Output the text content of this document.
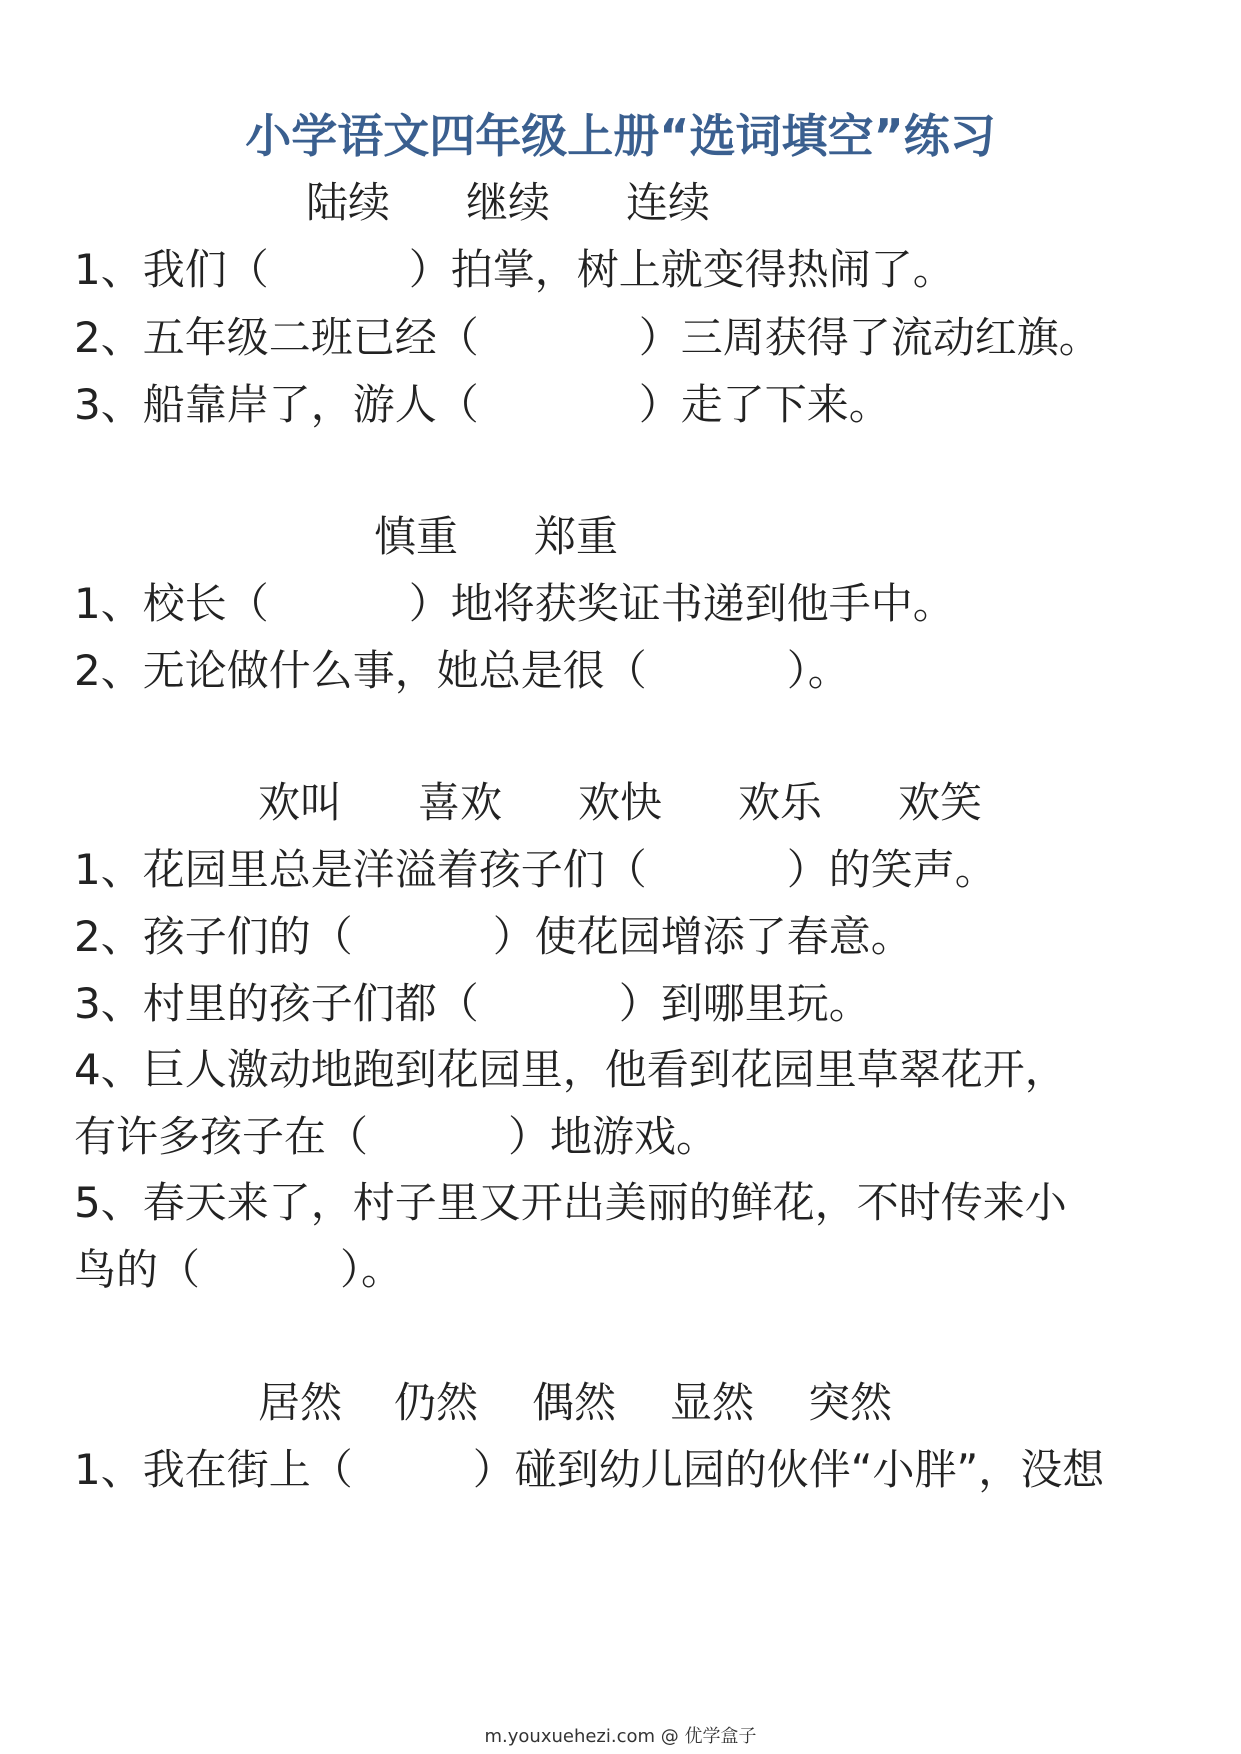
小学语文四年级上册“选词填空”练习
陆续 继续 连续
1、我们（	）拍掌，树上就变得热闹了。
2、五年级二班已经（	）三周获得了流动红旗。
3、船靠岸了，游人（	）走了下来。
慎重 郑重
1、校长（	）地将获奖证书递到他手中。
2、无论做什么事，她总是很（	）。
欢叫 喜欢 欢快 欢乐 欢笑
1、花园里总是洋溢着孩子们（	）的笑声。
2、孩子们的（	）使花园增添了春意。
3、村里的孩子们都（	）到哪里玩。
4、巨人激动地跑到花园里，他看到花园里草翠花开，
有许多孩子在（	）地游戏。
5、春天来了，村子里又开出美丽的鲜花，不时传来小
鸟的（	）。
居然 仍然 偶然 显然 突然
1、我在街上（	）碰到幼儿园的伙伴“小胖”，没想
m.youxuehezi.com @ 优学盒子
